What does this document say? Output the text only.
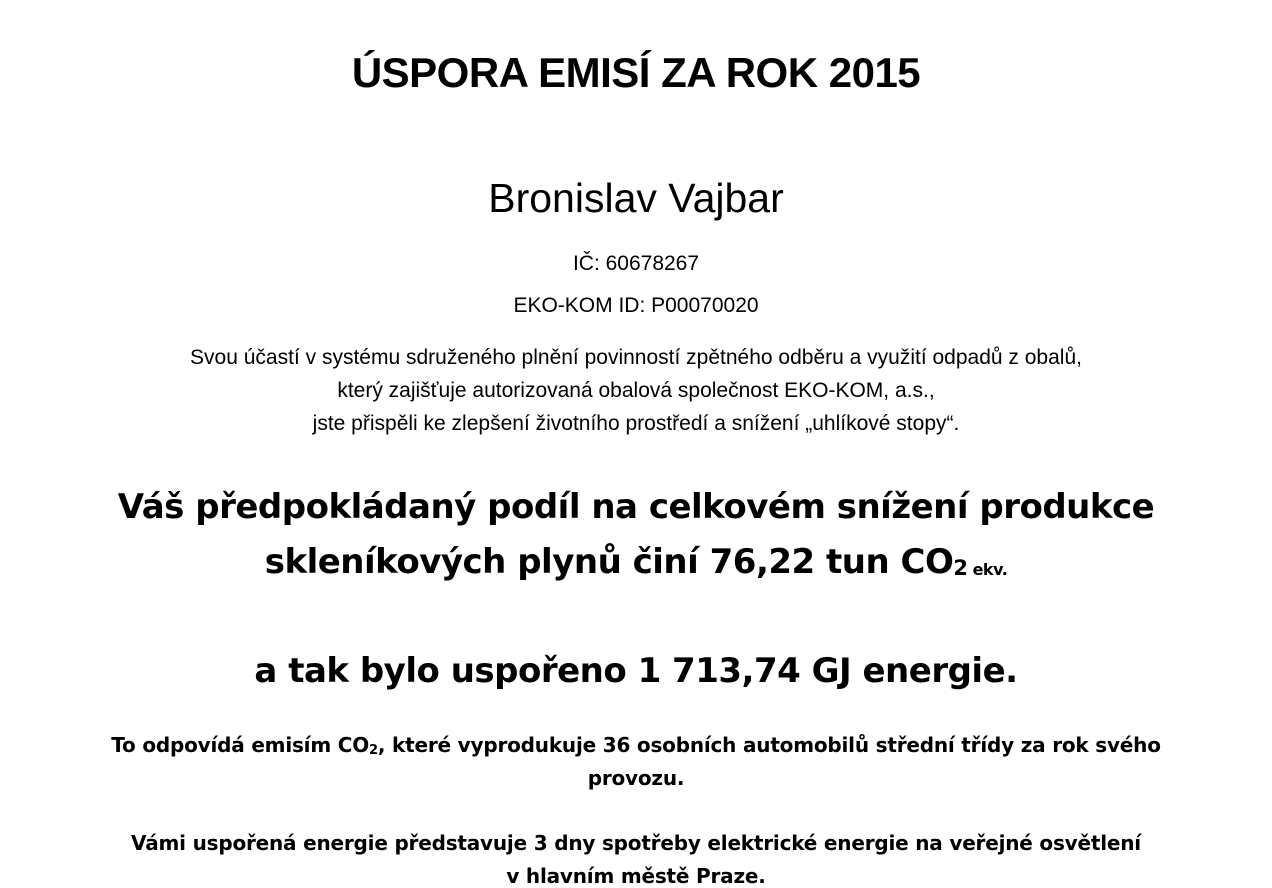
ÚSPORA EMISÍ ZA ROK 2015
Bronislav Vajbar
IČ: 60678267
EKO-KOM ID: P00070020
Svou účastí v systému sdruženého plnění povinností zpětného odběru a využití odpadů z obalů,
který zajišťuje autorizovaná obalová společnost EKO-KOM, a.s.,
jste přispěli ke zlepšení životního prostředí a snížení „uhlíkové stopy“.
Váš předpokládaný podíl na celkovém snížení produkce
skleníkových plynů činí 76,22 tun CO2 ekv.
a tak bylo uspořeno 1 713,74 GJ energie.
To odpovídá emisím CO2, které vyprodukuje 36 osobních automobilů střední třídy za rok svého
provozu.
Vámi uspořená energie představuje 3 dny spotřeby elektrické energie na veřejné osvětlení
v hlavním městě Praze.
